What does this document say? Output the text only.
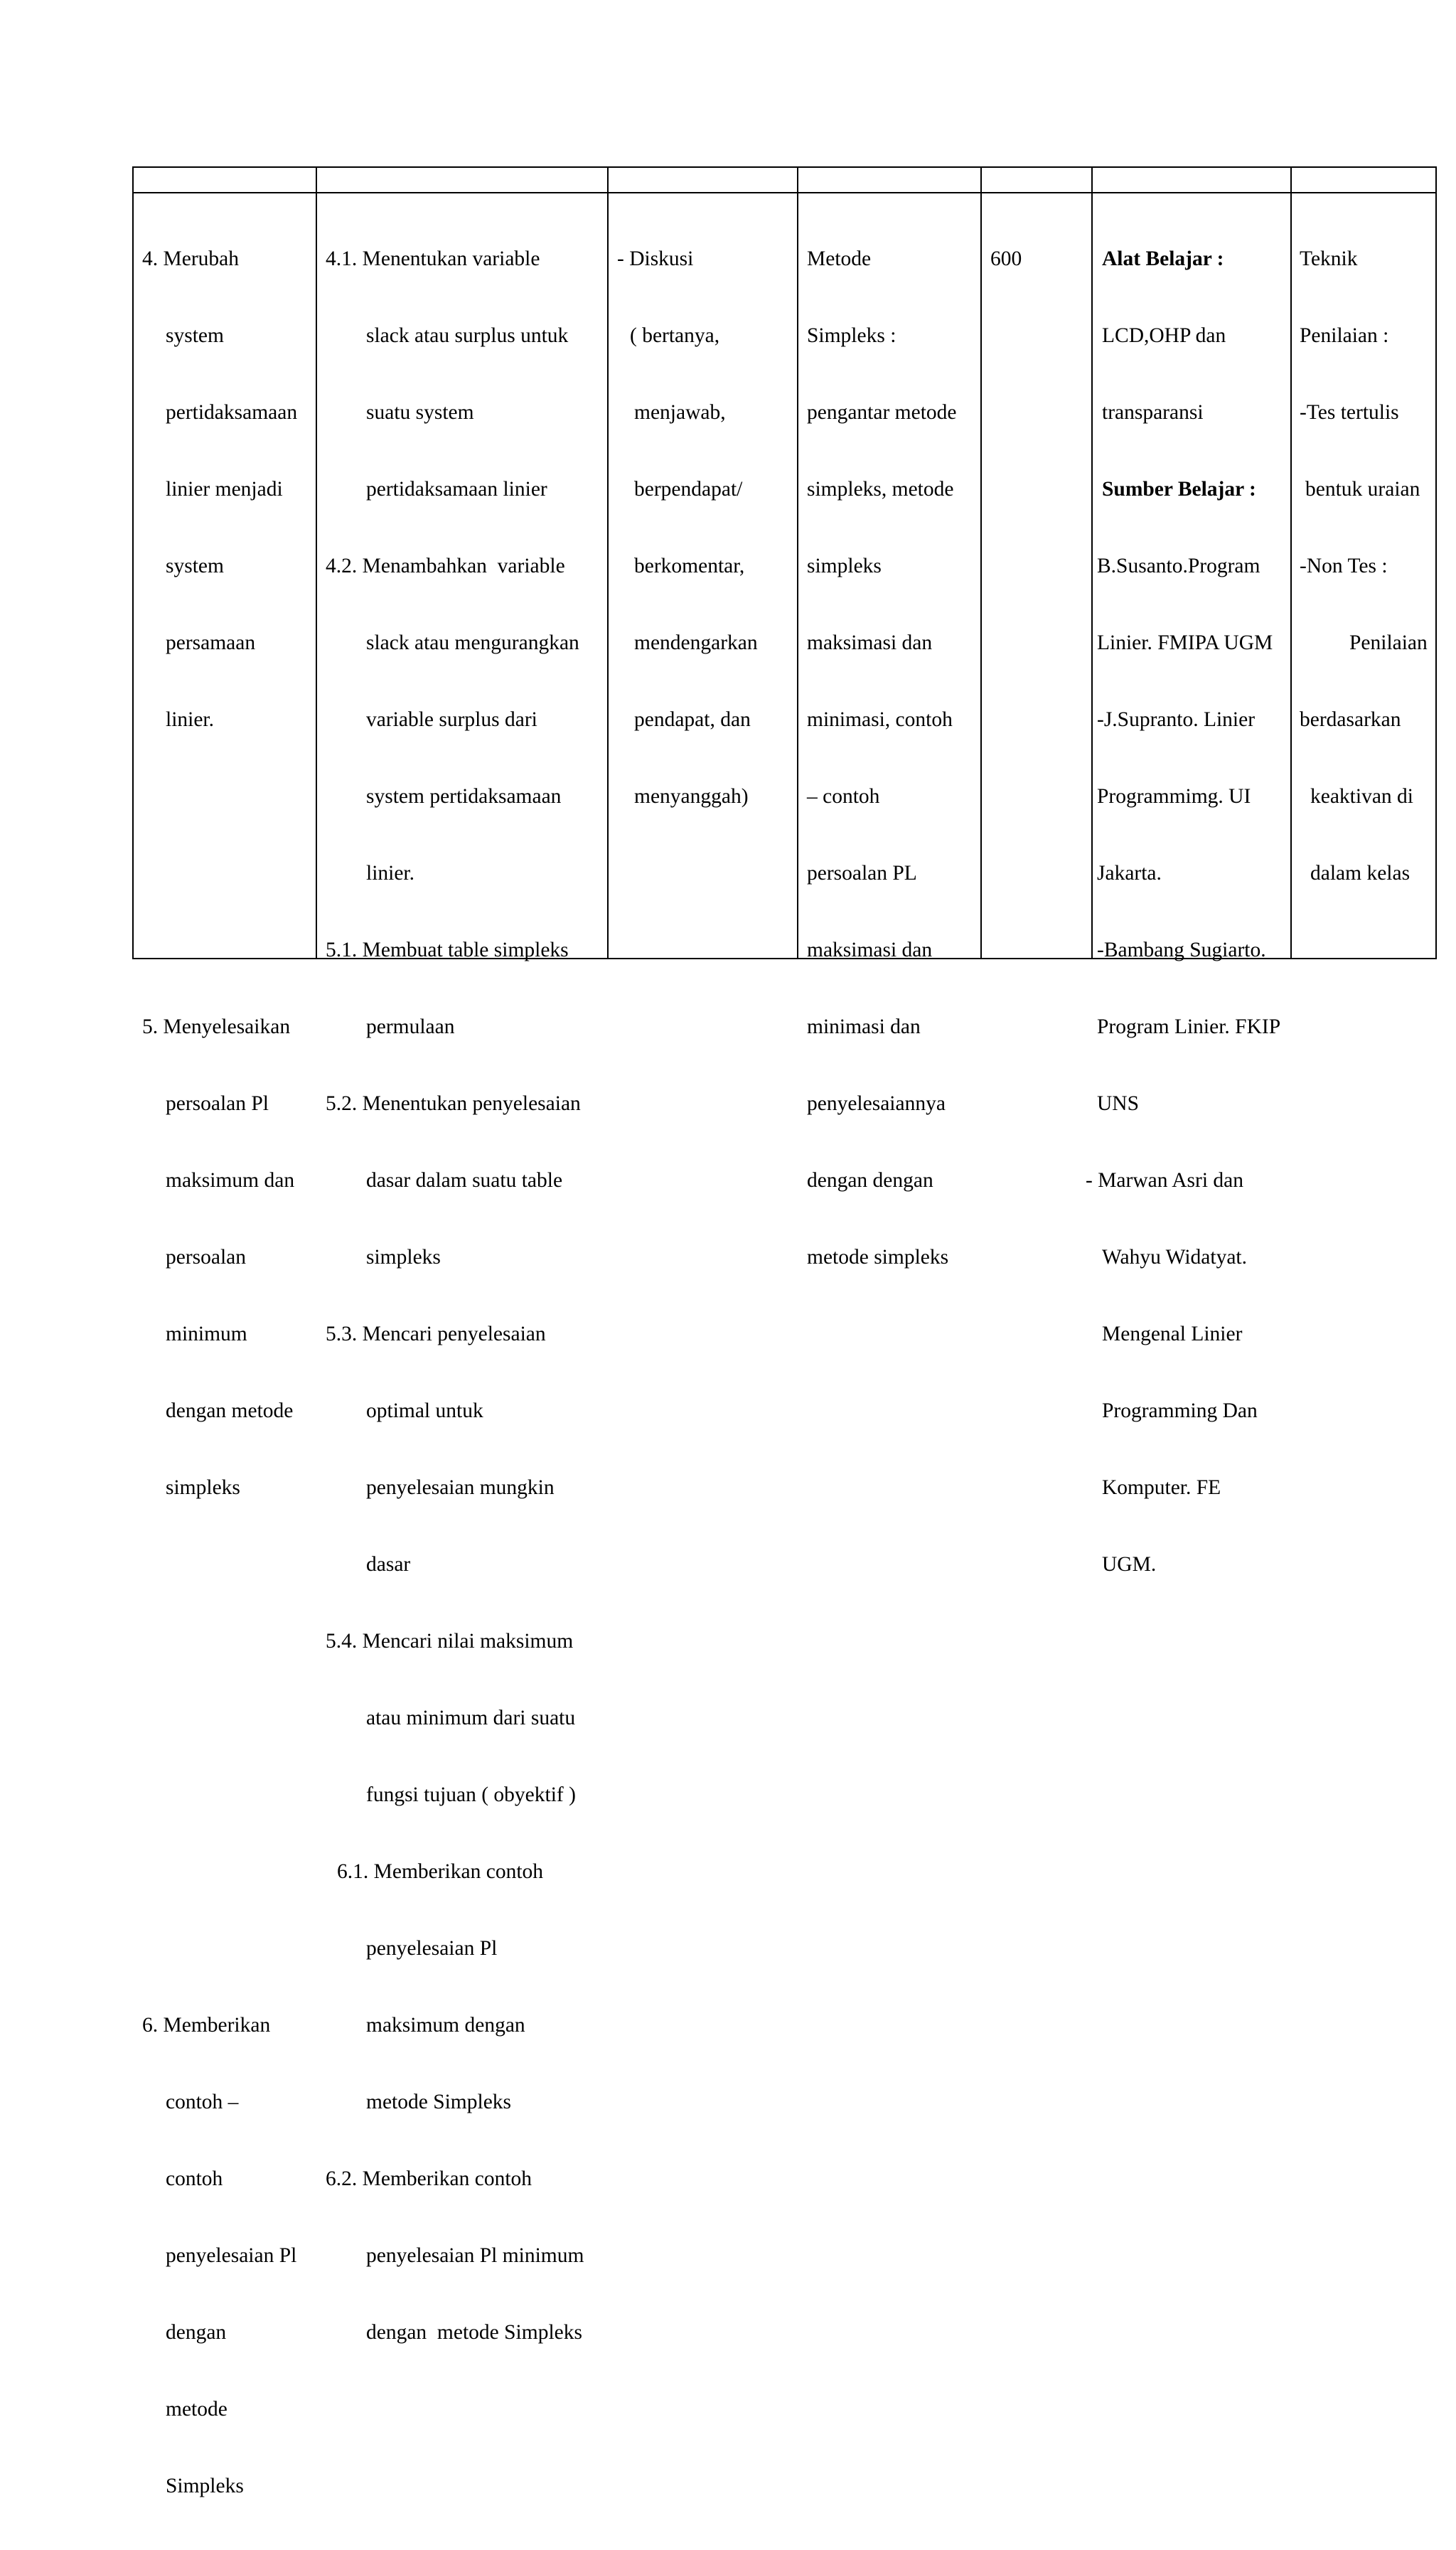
4. Merubah

system

pertidaksamaan

linier menjadi

system

persamaan

linier.

5. Menyelesaikan

persoalan Pl

maksimum dan

persoalan

minimum

dengan metode

simpleks

6. Memberikan

contoh –

contoh

penyelesaian Pl

dengan

metode

Simpleks

4.1. Menentukan variable

slack atau surplus untuk

suatu system

pertidaksamaan linier

4.2. Menambahkan  variable

slack atau mengurangkan

variable surplus dari

system pertidaksamaan

linier.

5.1. Membuat table simpleks

permulaan

5.2. Menentukan penyelesaian

dasar dalam suatu table

simpleks

5.3. Mencari penyelesaian

optimal untuk

penyelesaian mungkin

dasar

5.4. Mencari nilai maksimum

atau minimum dari suatu

fungsi tujuan ( obyektif )

6.1. Memberikan contoh

penyelesaian Pl

maksimum dengan

metode Simpleks

6.2. Memberikan contoh

penyelesaian Pl minimum

dengan  metode Simpleks

- Diskusi

( bertanya,

menjawab,

berpendapat/

berkomentar,

mendengarkan

pendapat, dan

menyanggah)

Metode

Simpleks :

pengantar metode

simpleks, metode

simpleks

maksimasi dan

minimasi, contoh

– contoh

persoalan PL

maksimasi dan

minimasi dan

penyelesaiannya

dengan dengan

metode simpleks

600

	Alat Belajar :

LCD,OHP dan

transparansi

Sumber Belajar :

B.Susanto.Program

Linier. FMIPA UGM

-J.Supranto. Linier

Programmimg. UI

Jakarta.

-Bambang Sugiarto.

Program Linier. FKIP

UNS

- Marwan Asri dan

Wahyu Widatyat.

Mengenal Linier

Programming Dan

Komputer. FE

UGM.

Teknik

Penilaian :

-Tes tertulis

bentuk uraian

-Non Tes :

Penilaian

berdasarkan

keaktivan di

dalam kelas
